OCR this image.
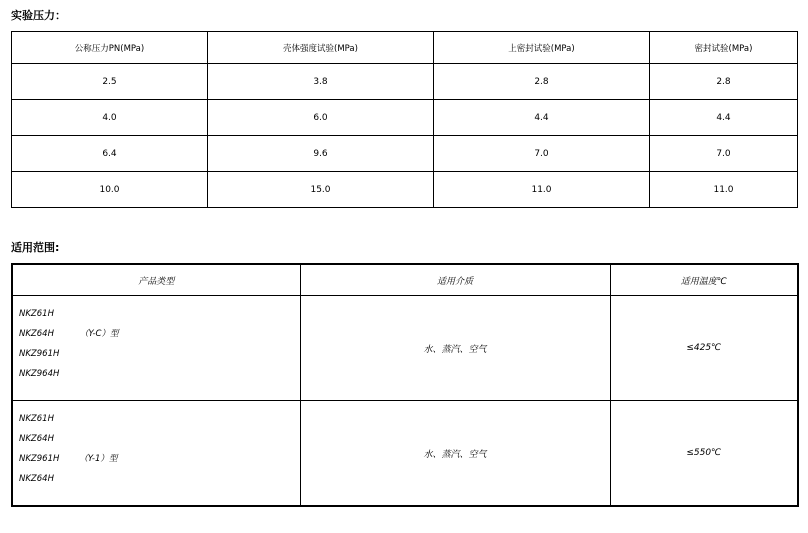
实验压力：
公称压力PN(MPa)	壳体强度试验(MPa)	上密封试验(MPa)	密封试验(MPa)
2.5	3.8	2.8	2.8
4.0	6.0	4.4	4.4
6.4	9.6	7.0	7.0
10.0	15.0	11.0	11.0
适用范围:
产品类型	适用介质	适用温度℃

NKZ61H
NKZ64H （Y-C）型
NKZ961H
NKZ964H	水、蒸汽、空气	≤425℃

NKZ61H
NKZ64H
NKZ961H （Y-1）型
NKZ64H	水、蒸汽、空气	≤550℃
